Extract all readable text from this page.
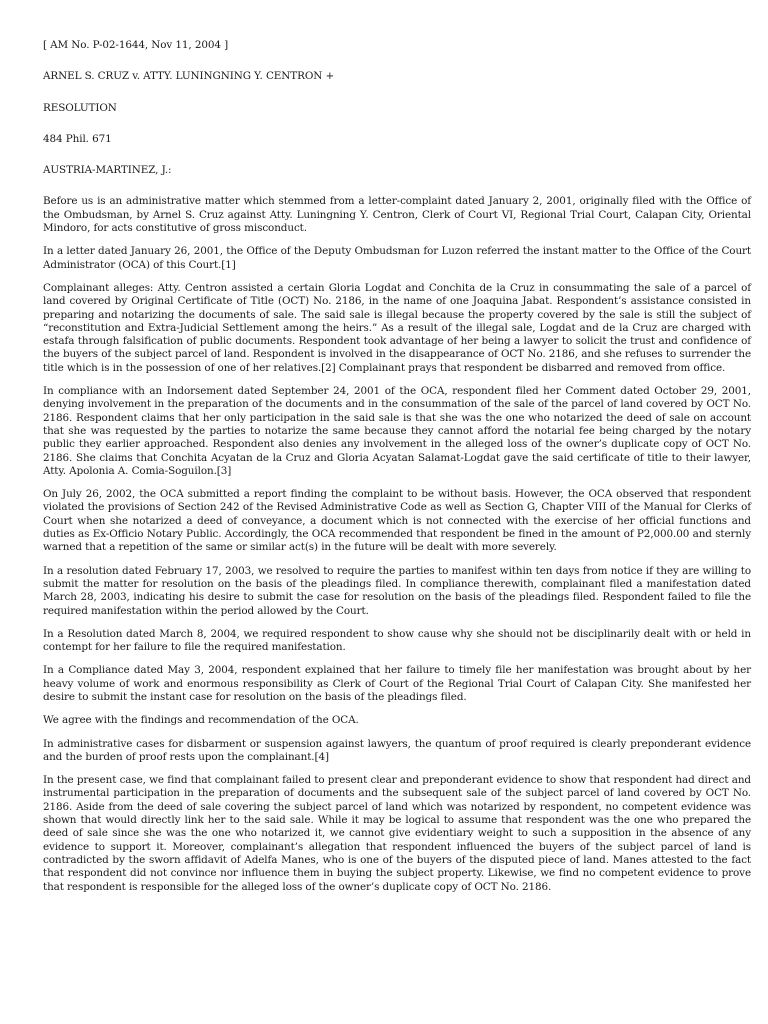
[ AM No. P-02-1644, Nov 11, 2004 ]
ARNEL S. CRUZ v. ATTY. LUNINGNING Y. CENTRON +
RESOLUTION
484 Phil. 671
AUSTRIA-MARTINEZ, J.:

Before us is an administrative matter which stemmed from a letter-complaint dated January 2, 2001, originally filed with the Office of the Ombudsman, by Arnel S. Cruz against Atty. Luningning Y. Centron, Clerk of Court VI, Regional Trial Court, Calapan City, Oriental Mindoro, for acts constitutive of gross misconduct.

In a letter dated January 26, 2001, the Office of the Deputy Ombudsman for Luzon referred the instant matter to the Office of the Court Administrator (OCA) of this Court.[1]

Complainant alleges: Atty. Centron assisted a certain Gloria Logdat and Conchita de la Cruz in consummating the sale of a parcel of land covered by Original Certificate of Title (OCT) No. 2186, in the name of one Joaquina Jabat. Respondent’s assistance consisted in preparing and notarizing the documents of sale. The said sale is illegal because the property covered by the sale is still the subject of “reconstitution and Extra-Judicial Settlement among the heirs.” As a result of the illegal sale, Logdat and de la Cruz are charged with estafa through falsification of public documents. Respondent took advantage of her being a lawyer to solicit the trust and confidence of the buyers of the subject parcel of land. Respondent is involved in the disappearance of OCT No. 2186, and she refuses to surrender the title which is in the possession of one of her relatives.[2] Complainant prays that respondent be disbarred and removed from office.

In compliance with an Indorsement dated September 24, 2001 of the OCA, respondent filed her Comment dated October 29, 2001, denying involvement in the preparation of the documents and in the consummation of the sale of the parcel of land covered by OCT No. 2186. Respondent claims that her only participation in the said sale is that she was the one who notarized the deed of sale on account that she was requested by the parties to notarize the same because they cannot afford the notarial fee being charged by the notary public they earlier approached. Respondent also denies any involvement in the alleged loss of the owner’s duplicate copy of OCT No. 2186. She claims that Conchita Acyatan de la Cruz and Gloria Acyatan Salamat-Logdat gave the said certificate of title to their lawyer, Atty. Apolonia A. Comia-Soguilon.[3]

On July 26, 2002, the OCA submitted a report finding the complaint to be without basis. However, the OCA observed that respondent violated the provisions of Section 242 of the Revised Administrative Code as well as Section G, Chapter VIII of the Manual for Clerks of Court when she notarized a deed of conveyance, a document which is not connected with the exercise of her official functions and duties as Ex-Officio Notary Public. Accordingly, the OCA recommended that respondent be fined in the amount of P2,000.00 and sternly warned that a repetition of the same or similar act(s) in the future will be dealt with more severely.

In a resolution dated February 17, 2003, we resolved to require the parties to manifest within ten days from notice if they are willing to submit the matter for resolution on the basis of the pleadings filed. In compliance therewith, complainant filed a manifestation dated March 28, 2003, indicating his desire to submit the case for resolution on the basis of the pleadings filed. Respondent failed to file the required manifestation within the period allowed by the Court.

In a Resolution dated March 8, 2004, we required respondent to show cause why she should not be disciplinarily dealt with or held in contempt for her failure to file the required manifestation.

In a Compliance dated May 3, 2004, respondent explained that her failure to timely file her manifestation was brought about by her heavy volume of work and enormous responsibility as Clerk of Court of the Regional Trial Court of Calapan City. She manifested her desire to submit the instant case for resolution on the basis of the pleadings filed.

We agree with the findings and recommendation of the OCA.

In administrative cases for disbarment or suspension against lawyers, the quantum of proof required is clearly preponderant evidence and the burden of proof rests upon the complainant.[4]

In the present case, we find that complainant failed to present clear and preponderant evidence to show that respondent had direct and instrumental participation in the preparation of documents and the subsequent sale of the subject parcel of land covered by OCT No. 2186. Aside from the deed of sale covering the subject parcel of land which was notarized by respondent, no competent evidence was shown that would directly link her to the said sale. While it may be logical to assume that respondent was the one who prepared the deed of sale since she was the one who notarized it, we cannot give evidentiary weight to such a supposition in the absence of any evidence to support it. Moreover, complainant’s allegation that respondent influenced the buyers of the subject parcel of land is contradicted by the sworn affidavit of Adelfa Manes, who is one of the buyers of the disputed piece of land. Manes attested to the fact that respondent did not convince nor influence them in buying the subject property. Likewise, we find no competent evidence to prove that respondent is responsible for the alleged loss of the owner’s duplicate copy of OCT No. 2186.
